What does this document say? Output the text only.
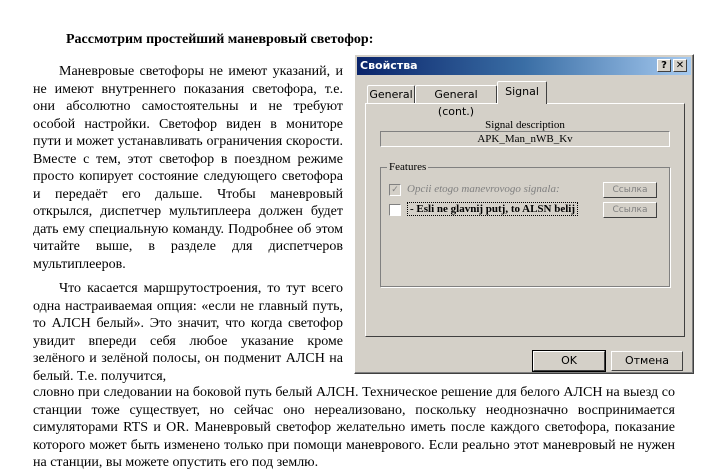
Рассмотрим простейший маневровый светофор:

Маневровые светофоры не имеют указаний, и не имеют внутреннего показания светофора, т.е. они абсолютно самостоятельны и не требуют особой настройки. Светофор виден в мониторе пути и может устанавливать ограничения скорости. Вместе с тем, этот светофор в поездном режиме просто копирует состояние следующего светофора и передаёт его дальше. Чтобы маневровый открылся, диспетчер мультиплеера должен будет дать ему специальную команду. Подробнее об этом читайте выше, в разделе для диспетчеров мультиплееров.

Что касается маршрутостроения, то тут всего одна настраиваемая опция: «если не главный путь, то АЛСН белый». Это значит, что когда светофор увидит впереди себя любое указание кроме зелёного и зелёной полосы, он подменит АЛСН на белый. Т.е. получится,

словно при следовании на боковой путь белый АЛСН. Техническое решение для белого АЛСН на выезд со станции тоже существует, но сейчас оно нереализовано, поскольку неоднозначно воспринимается симуляторами RTS и OR. Маневровый светофор желательно иметь после каждого светофора, показание которого может быть изменено только при помощи маневрового. Если реально этот маневровый не нужен на станции, вы можете опустить его под землю.

Свойства	? ✕
General	General (cont.)
Signal
Signal description
APK_Man_nWB_Kv
Features
✓ Opcii etogo manevrovogo signala:	Ссылка
- Esli ne glavnij putj, to ALSN belij	Ссылка
OK	Отмена
